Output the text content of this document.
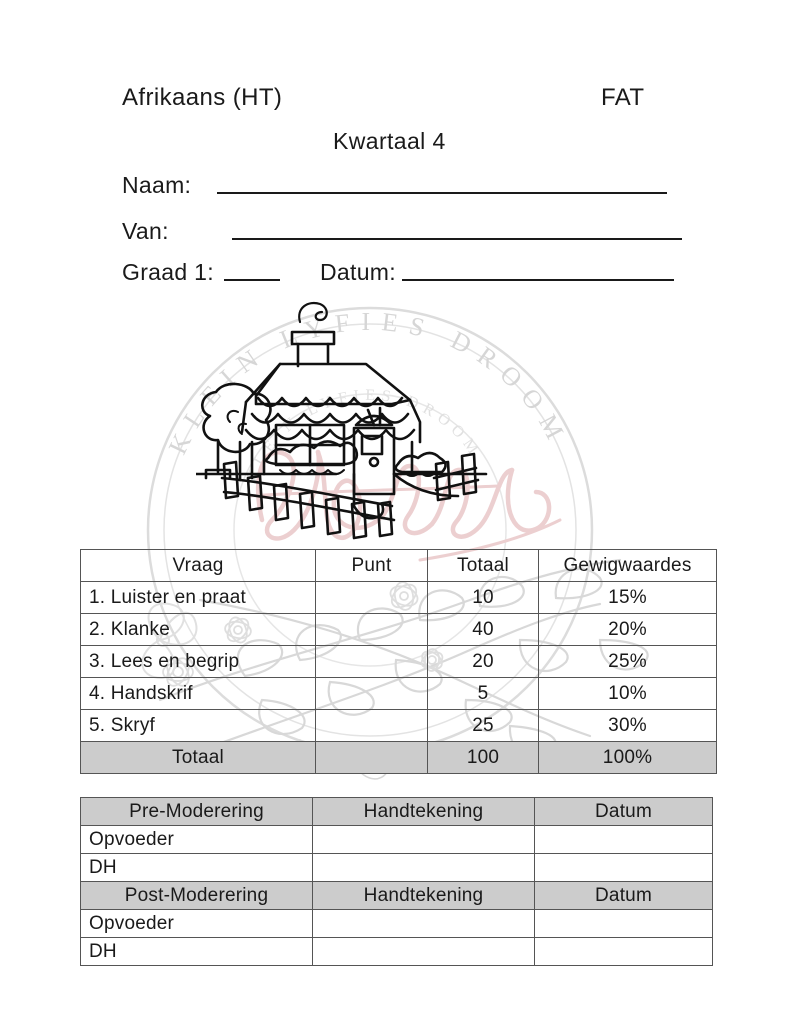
KLEIN LYFIES DROOM
KLEIN LYFIES DROOM
Afrikaans (HT)	FAT
Kwartaal 4
Naam:
Van:
Graad 1:	Datum:
Vraag	Punt	Totaal	Gewigwaardes
1. Luister en praat		10	15%
2. Klanke		40	20%
3. Lees en begrip		20	25%
4. Handskrif		5	10%
5. Skryf		25	30%
Totaal		100	100%
Pre-Moderering	Handtekening	Datum
Opvoeder		
DH		
Post-Moderering	Handtekening	Datum
Opvoeder		
DH		
